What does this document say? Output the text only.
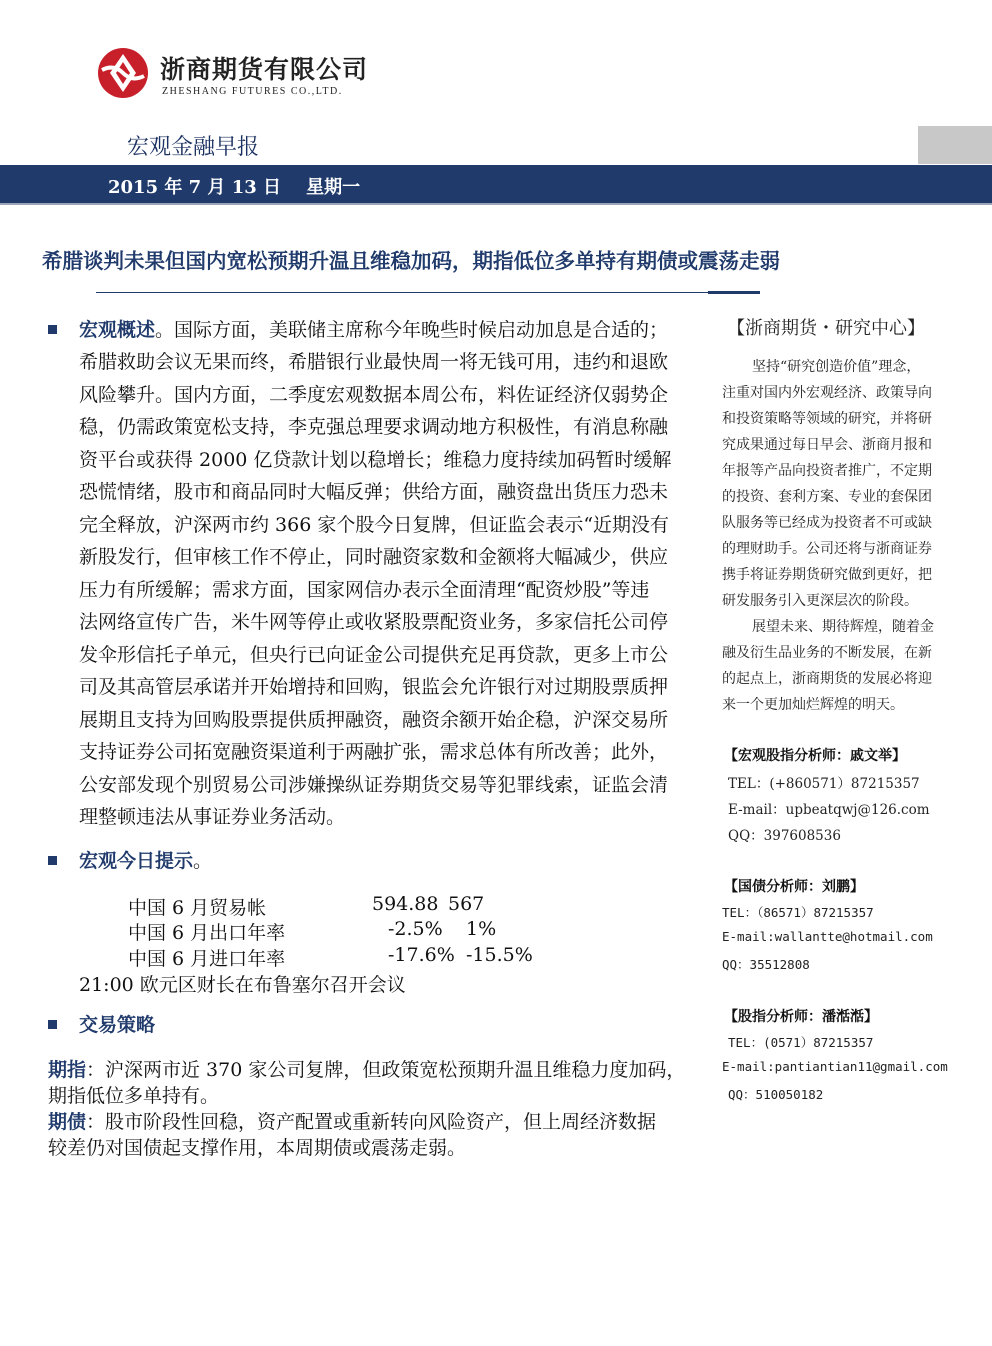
浙商期货有限公司
ZHESHANG FUTURES CO.,LTD.
宏观金融早报
2015 年 7 月 13 日    星期一
希腊谈判未果但国内宽松预期升温且维稳加码，期指低位多单持有期债或震荡走弱
宏观概述。国际方面，美联储主席称今年晚些时候启动加息是合适的；
希腊救助会议无果而终，希腊银行业最快周一将无钱可用，违约和退欧
风险攀升。国内方面，二季度宏观数据本周公布，料佐证经济仅弱势企
稳，仍需政策宽松支持，李克强总理要求调动地方积极性，有消息称融
资平台或获得 2000 亿贷款计划以稳增长；维稳力度持续加码暂时缓解
恐慌情绪，股市和商品同时大幅反弹；供给方面，融资盘出货压力恐未
完全释放，沪深两市约 366 家个股今日复牌，但证监会表示“近期没有
新股发行，但审核工作不停止，同时融资家数和金额将大幅减少，供应
压力有所缓解；需求方面，国家网信办表示全面清理“配资炒股”等违
法网络宣传广告，米牛网等停止或收紧股票配资业务，多家信托公司停
发伞形信托子单元，但央行已向证金公司提供充足再贷款，更多上市公
司及其高管层承诺并开始增持和回购，银监会允许银行对过期股票质押
展期且支持为回购股票提供质押融资，融资余额开始企稳，沪深交易所
支持证券公司拓宽融资渠道利于两融扩张，需求总体有所改善；此外，
公安部发现个别贸易公司涉嫌操纵证券期货交易等犯罪线索，证监会清
理整顿违法从事证券业务活动。
宏观今日提示。
中国 6 月贸易帐	594.88 567
中国 6 月出口年率	-2.5% 1%
中国 6 月进口年率	-17.6% -15.5%
21:00 欧元区财长在布鲁塞尔召开会议
交易策略
期指：沪深两市近 370 家公司复牌，但政策宽松预期升温且维稳力度加码，
期指低位多单持有。
期债：股市阶段性回稳，资产配置或重新转向风险资产，但上周经济数据
较差仍对国债起支撑作用，本周期债或震荡走弱。
【浙商期货・研究中心】
坚持“研究创造价值”理念，
注重对国内外宏观经济、政策导向
和投资策略等领域的研究，并将研
究成果通过每日早会、浙商月报和
年报等产品向投资者推广，不定期
的投资、套利方案、专业的套保团
队服务等已经成为投资者不可或缺
的理财助手。公司还将与浙商证券
携手将证券期货研究做到更好，把
研发服务引入更深层次的阶段。
展望未来、期待辉煌，随着金
融及衍生品业务的不断发展，在新
的起点上，浙商期货的发展必将迎
来一个更加灿烂辉煌的明天。
【宏观股指分析师：戚文举】
TEL：(+860571）87215357
E-mail：upbeatqwj@126.com
QQ：397608536
【国债分析师：刘鹏】
TEL：（86571）87215357
E-mail:wallantte@hotmail.com
QQ：35512808
【股指分析师：潘湉湉】
TEL：(0571）87215357
E-mail:pantiantian11@gmail.com
QQ：510050182
